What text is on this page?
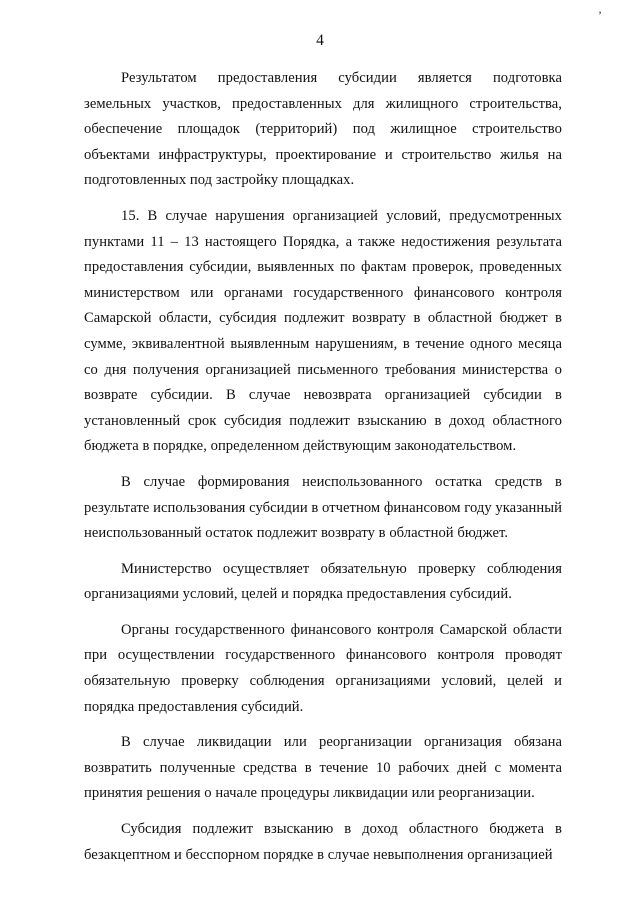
’
4

Результатом предоставления субсидии является подготовка земельных участков, предоставленных для жилищного строительства, обеспечение площадок (территорий) под жилищное строительство объектами инфраструктуры, проектирование и строительство жилья на подготовленных под застройку площадках.

15. В случае нарушения организацией условий, предусмотренных пунктами 11 – 13 настоящего Порядка, а также недостижения результата предоставления субсидии, выявленных по фактам проверок, проведенных министерством или органами государственного финансового контроля Самарской области, субсидия подлежит возврату в областной бюджет в сумме, эквивалентной выявленным нарушениям, в течение одного месяца со дня получения организацией письменного требования министерства о возврате субсидии. В случае невозврата организацией субсидии в установленный срок субсидия подлежит взысканию в доход областного бюджета в порядке, определенном действующим законодательством.

В случае формирования неиспользованного остатка средств в результате использования субсидии в отчетном финансовом году указанный неиспользованный остаток подлежит возврату в областной бюджет.

Министерство осуществляет обязательную проверку соблюдения организациями условий, целей и порядка предоставления субсидий.

Органы государственного финансового контроля Самарской области при осуществлении государственного финансового контроля проводят обязательную проверку соблюдения организациями условий, целей и порядка предоставления субсидий.

В случае ликвидации или реорганизации организация обязана возвратить полученные средства в течение 10 рабочих дней с момента принятия решения о начале процедуры ликвидации или реорганизации.

Субсидия подлежит взысканию в доход областного бюджета в безакцептном и бесспорном порядке в случае невыполнения организацией
